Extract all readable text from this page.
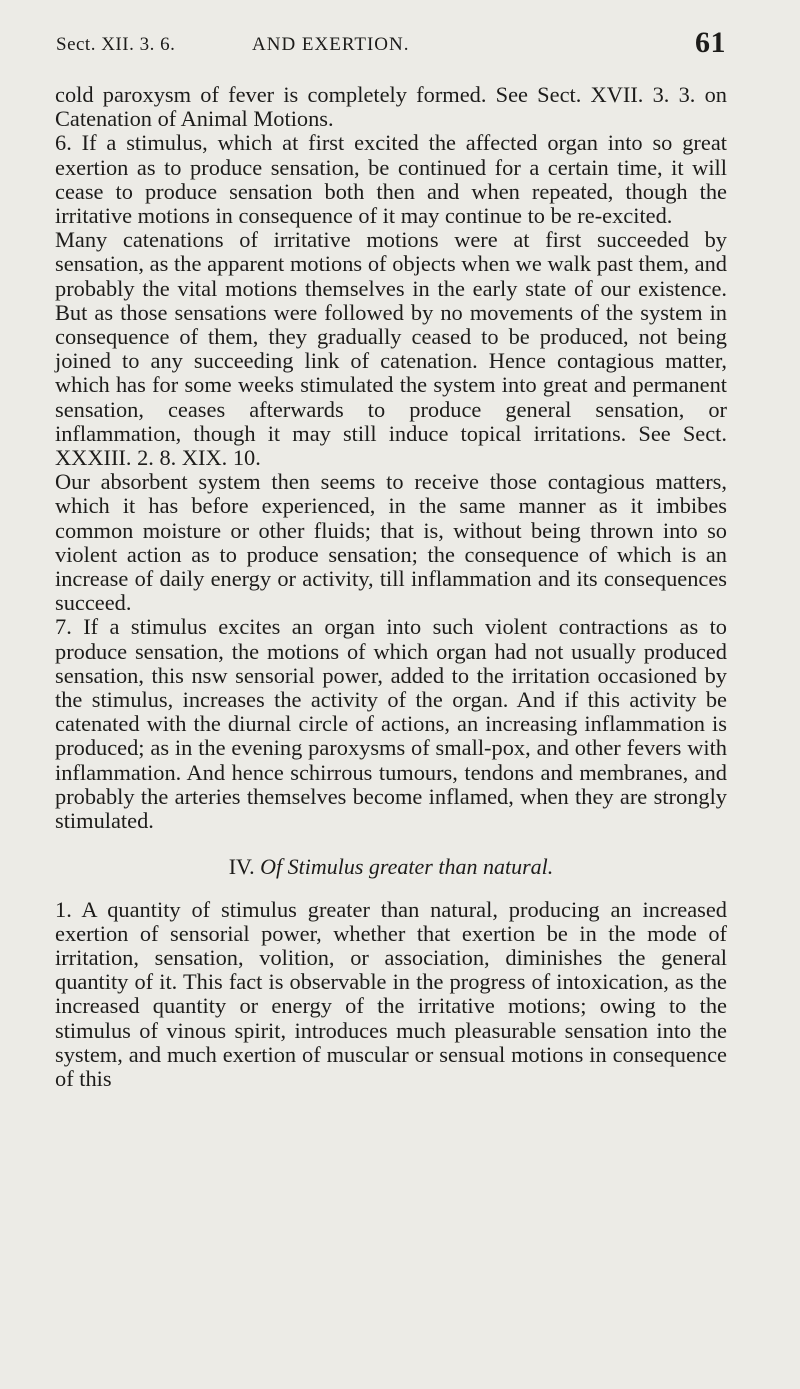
Sect. XII. 3. 6.	AND EXERTION.	61

cold paroxysm of fever is completely formed. See Sect. XVII. 3. 3. on Catenation of Animal Motions.

6. If a stimulus, which at first excited the affected organ into so great exertion as to produce sensation, be continued for a certain time, it will cease to produce sensation both then and when repeated, though the irritative motions in consequence of it may continue to be re-excited.

Many catenations of irritative motions were at first succeeded by sensation, as the apparent motions of objects when we walk past them, and probably the vital motions themselves in the early state of our existence. But as those sensations were followed by no movements of the system in consequence of them, they gradually ceased to be produced, not being joined to any succeeding link of catenation. Hence contagious matter, which has for some weeks stimulated the system into great and permanent sensation, ceases afterwards to produce general sensation, or inflammation, though it may still induce topical irritations. See Sect. XXXIII. 2. 8. XIX. 10.

Our absorbent system then seems to receive those contagious matters, which it has before experienced, in the same manner as it imbibes common moisture or other fluids; that is, without being thrown into so violent action as to produce sensation; the consequence of which is an increase of daily energy or activity, till inflammation and its consequences succeed.

7. If a stimulus excites an organ into such violent contractions as to produce sensation, the motions of which organ had not usually produced sensation, this nsw sensorial power, added to the irritation occasioned by the stimulus, increases the activity of the organ. And if this activity be catenated with the diurnal circle of actions, an increasing inflammation is produced; as in the evening paroxysms of small-pox, and other fevers with inflammation. And hence schirrous tumours, tendons and membranes, and probably the arteries themselves become inflamed, when they are strongly stimulated.

IV. Of Stimulus greater than natural.

1. A quantity of stimulus greater than natural, producing an increased exertion of sensorial power, whether that exertion be in the mode of irritation, sensation, volition, or association, diminishes the general quantity of it. This fact is observable in the progress of intoxication, as the increased quantity or energy of the irritative motions; owing to the stimulus of vinous spirit, introduces much pleasurable sensation into the system, and much exertion of muscular or sensual motions in consequence of this
